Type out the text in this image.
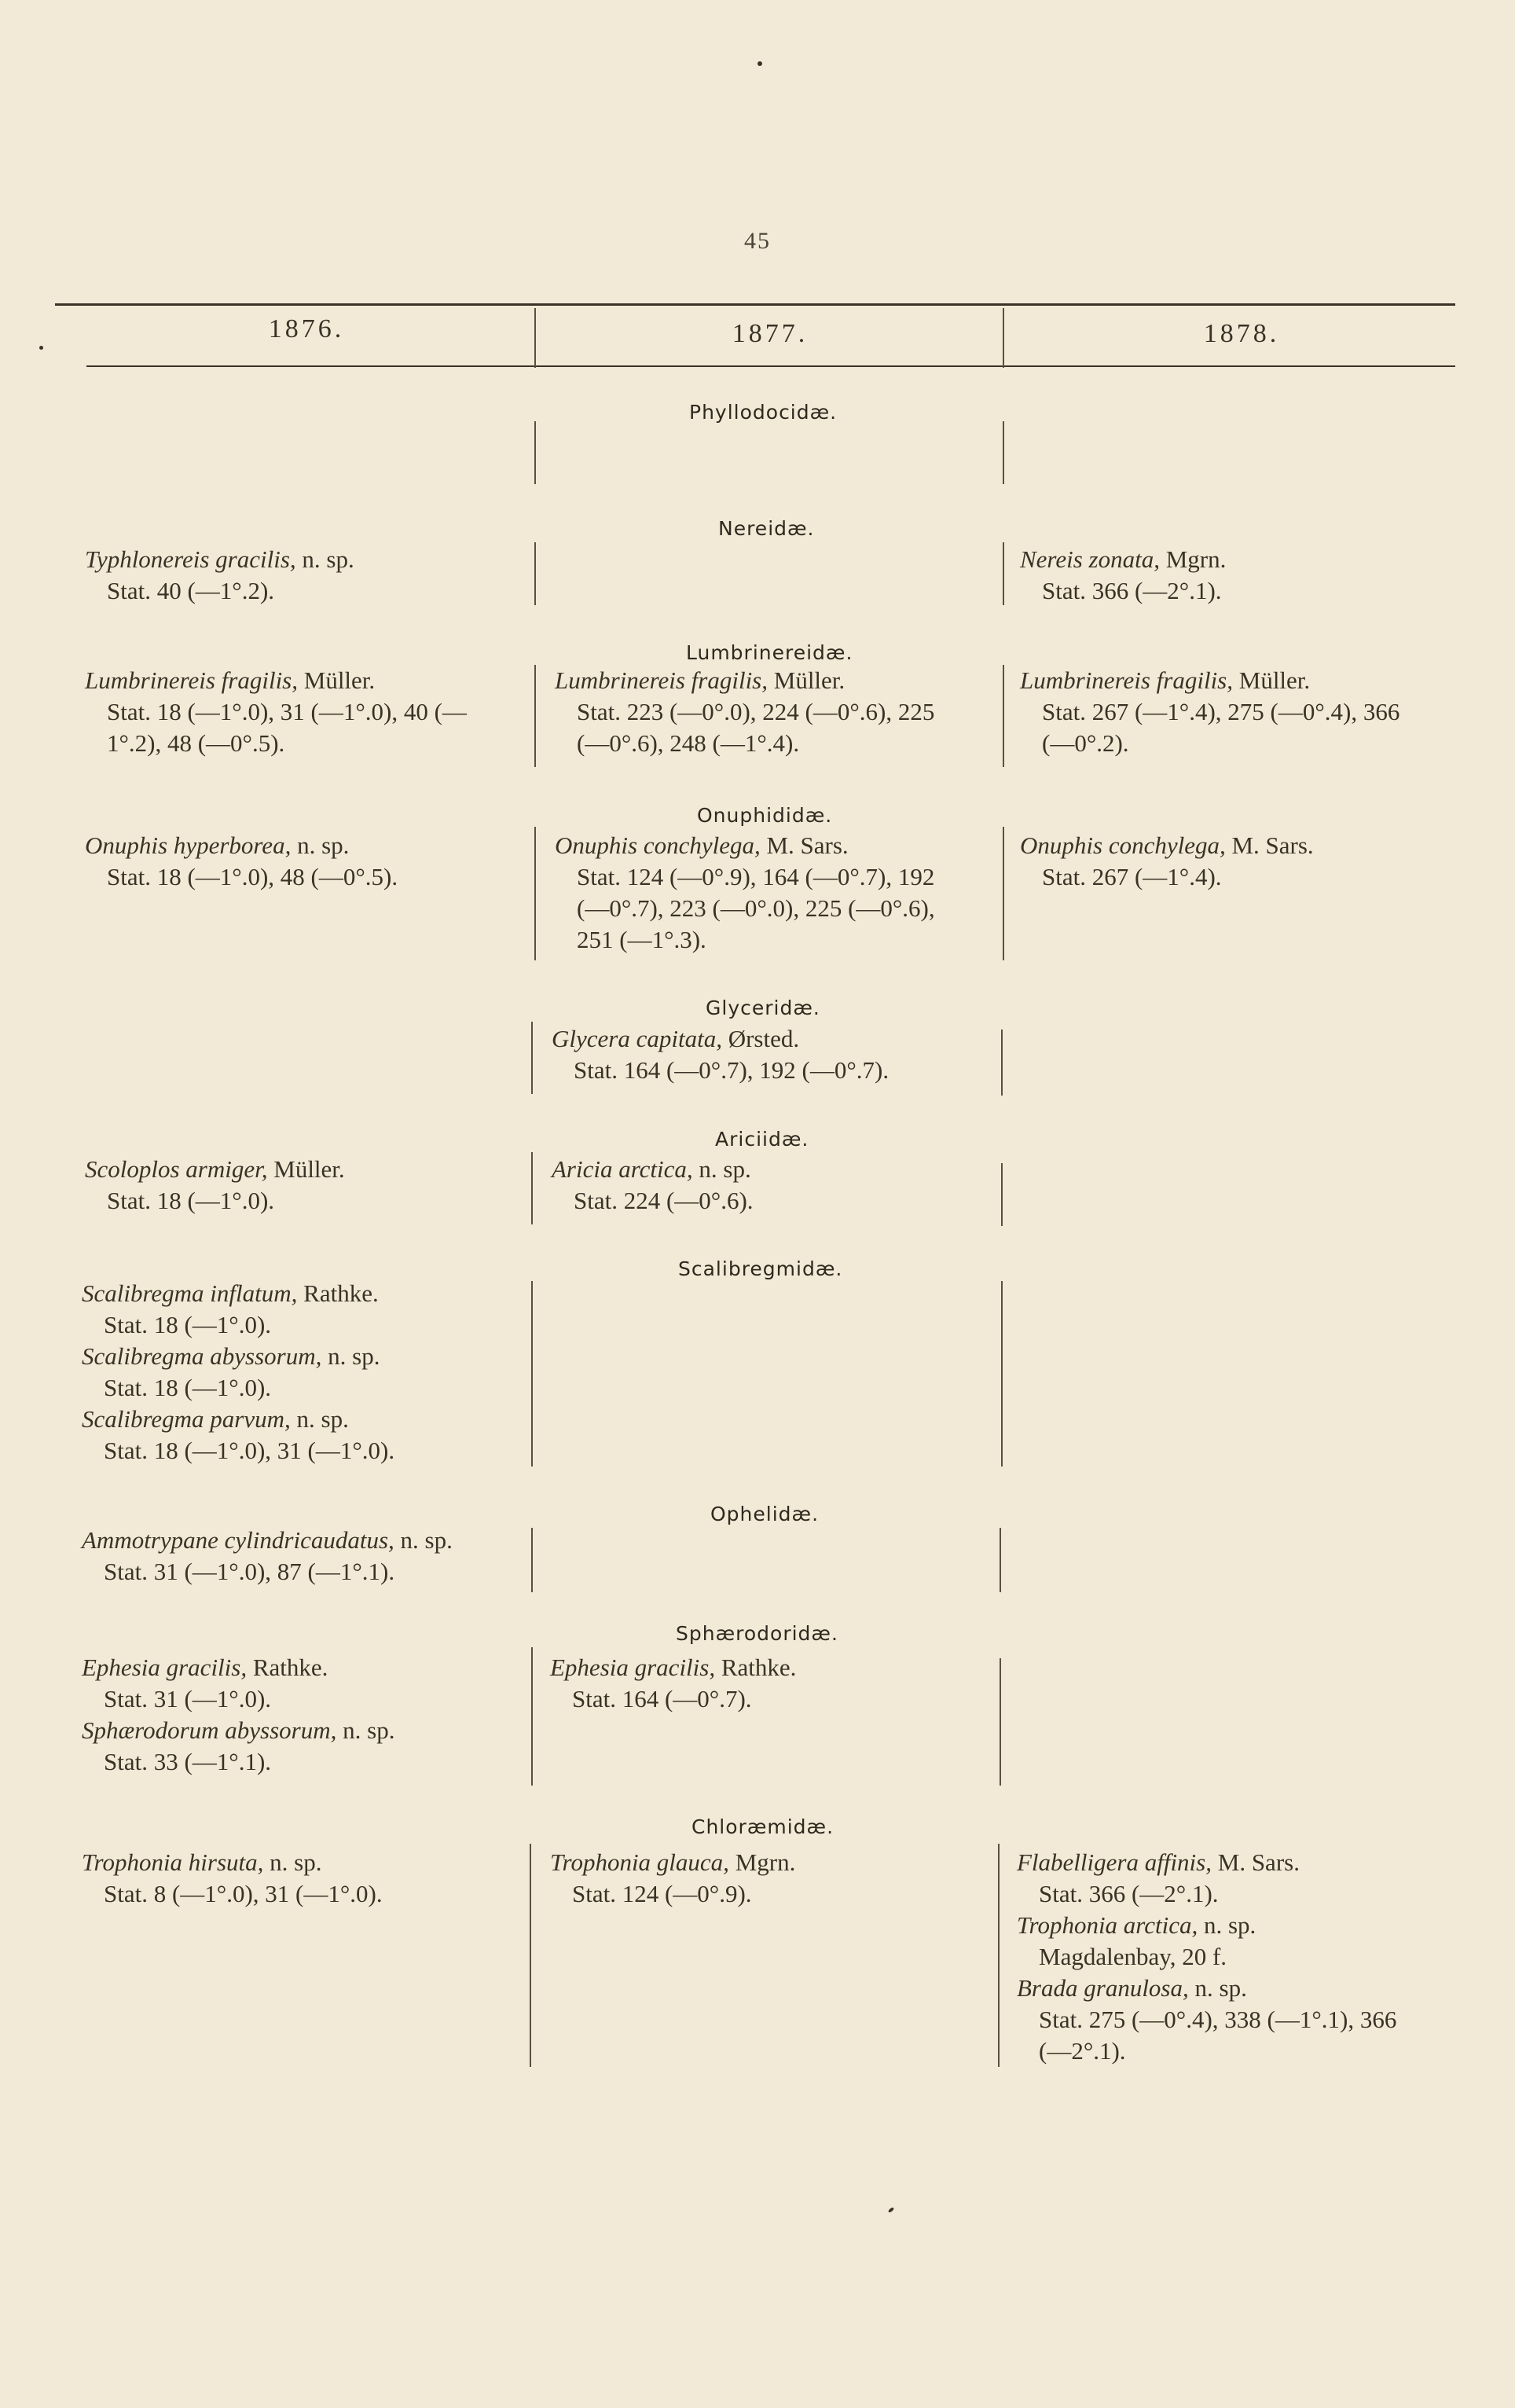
45
1876.	1877.	1878.
Phyllodocidæ.
Nereidæ.
Lumbrinereidæ.
Onuphididæ.
Glyceridæ.
Ariciidæ.
Scalibregmidæ.
Ophelidæ.
Sphærodoridæ.
Chloræmidæ.
Typhlonereis gracilis, n. sp.
Stat. 40 (—1°.2).
Nereis zonata, Mgrn.
Stat. 366 (—2°.1).
Lumbrinereis fragilis, Müller.
Stat. 18 (—1°.0), 31 (—1°.0), 40 (—
1°.2), 48 (—0°.5).
Lumbrinereis fragilis, Müller.
Stat. 223 (—0°.0), 224 (—0°.6), 225
(—0°.6), 248 (—1°.4).
Lumbrinereis fragilis, Müller.
Stat. 267 (—1°.4), 275 (—0°.4), 366
(—0°.2).
Onuphis hyperborea, n. sp.
Stat. 18 (—1°.0), 48 (—0°.5).
Onuphis conchylega, M. Sars.
Stat. 124 (—0°.9), 164 (—0°.7), 192
(—0°.7), 223 (—0°.0), 225 (—0°.6),
251 (—1°.3).
Onuphis conchylega, M. Sars.
Stat. 267 (—1°.4).
Glycera capitata, Ørsted.
Stat. 164 (—0°.7), 192 (—0°.7).
Scoloplos armiger, Müller.
Stat. 18 (—1°.0).
Aricia arctica, n. sp.
Stat. 224 (—0°.6).
Scalibregma inflatum, Rathke.
Stat. 18 (—1°.0).
Scalibregma abyssorum, n. sp.
Stat. 18 (—1°.0).
Scalibregma parvum, n. sp.
Stat. 18 (—1°.0), 31 (—1°.0).
Ammotrypane cylindricaudatus, n. sp.
Stat. 31 (—1°.0), 87 (—1°.1).
Ephesia gracilis, Rathke.
Stat. 31 (—1°.0).
Sphærodorum abyssorum, n. sp.
Stat. 33 (—1°.1).
Ephesia gracilis, Rathke.
Stat. 164 (—0°.7).
Trophonia hirsuta, n. sp.
Stat. 8 (—1°.0), 31 (—1°.0).
Trophonia glauca, Mgrn.
Stat. 124 (—0°.9).
Flabelligera affinis, M. Sars.
Stat. 366 (—2°.1).
Trophonia arctica, n. sp.
Magdalenbay, 20 f.
Brada granulosa, n. sp.
Stat. 275 (—0°.4), 338 (—1°.1), 366
(—2°.1).
